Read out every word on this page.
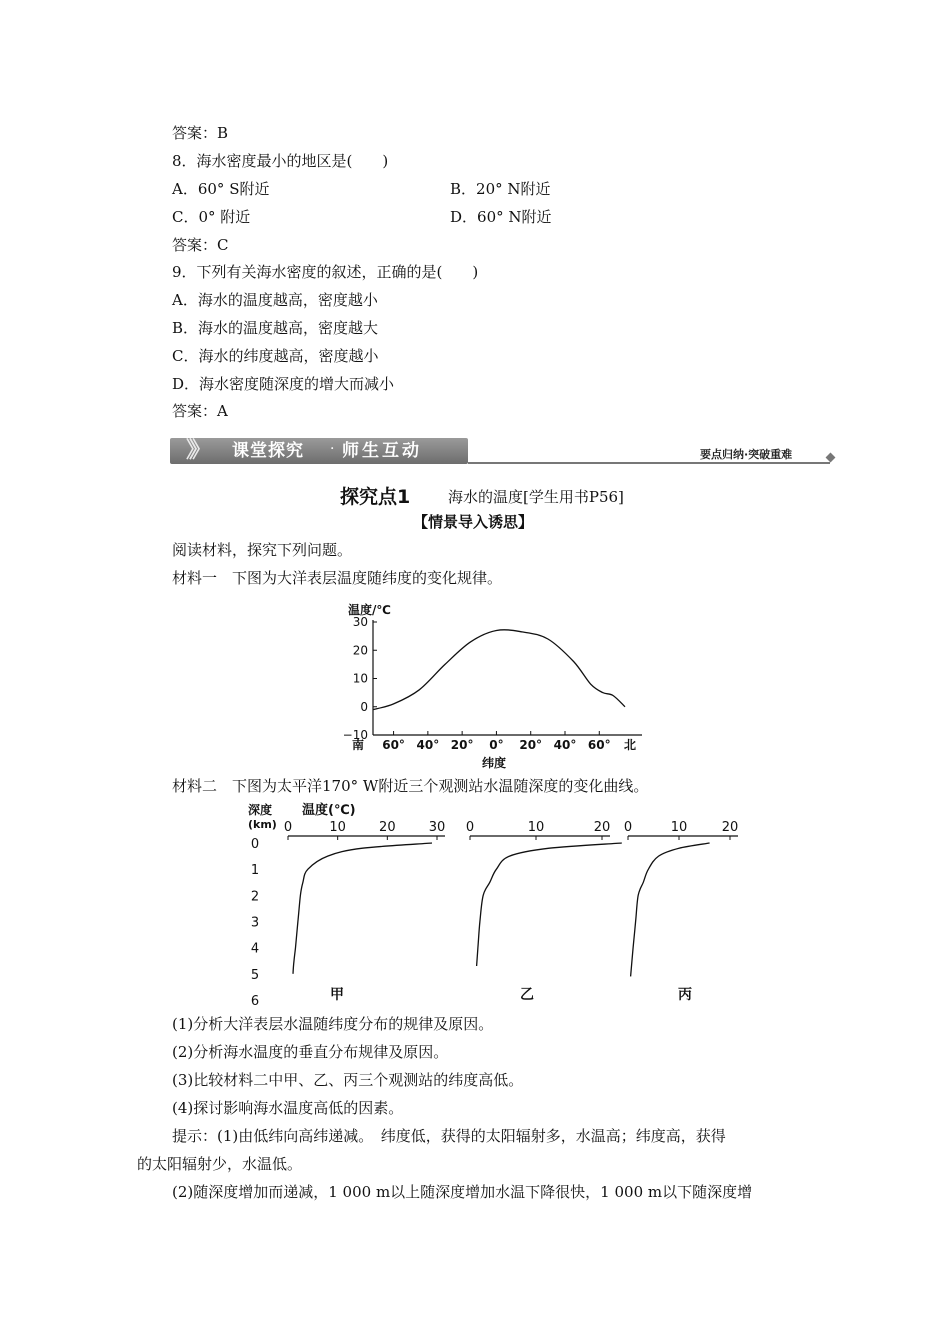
答案：B
8．海水密度最小的地区是(　　)
A．60° S附近	B．20° N附近
C．0° 附近	D．60° N附近
答案：C
9．下列有关海水密度的叙述，正确的是(　　)
A．海水的温度越高，密度越小
B．海水的温度越高，密度越大
C．海水的纬度越高，密度越小
D．海水密度随深度的增大而减小
答案：A
》》 课堂探究 · 师生互动	要点归纳·突破重难
探究点1	海水的温度[学生用书P56]
【情景导入诱思】
阅读材料，探究下列问题。
材料一　下图为大洋表层温度随纬度的变化规律。
温度/℃
30
20
10
0
−10
南 60° 40° 20° 0° 20° 40° 60° 北
纬度
材料二　下图为太平洋170° W附近三个观测站水温随深度的变化曲线。
深度
(km)
温度(℃)
0
1
2
3
4
5
6
0	10	20	30
甲
0	10	20
乙
0	10	20
丙
(1)分析大洋表层水温随纬度分布的规律及原因。
(2)分析海水温度的垂直分布规律及原因。
(3)比较材料二中甲、乙、丙三个观测站的纬度高低。
(4)探讨影响海水温度高低的因素。
提示：(1)由低纬向高纬递减。　纬度低，获得的太阳辐射多，水温高；纬度高，获得
的太阳辐射少，水温低。
(2)随深度增加而递减，1 000 m以上随深度增加水温下降很快，1 000 m以下随深度增
